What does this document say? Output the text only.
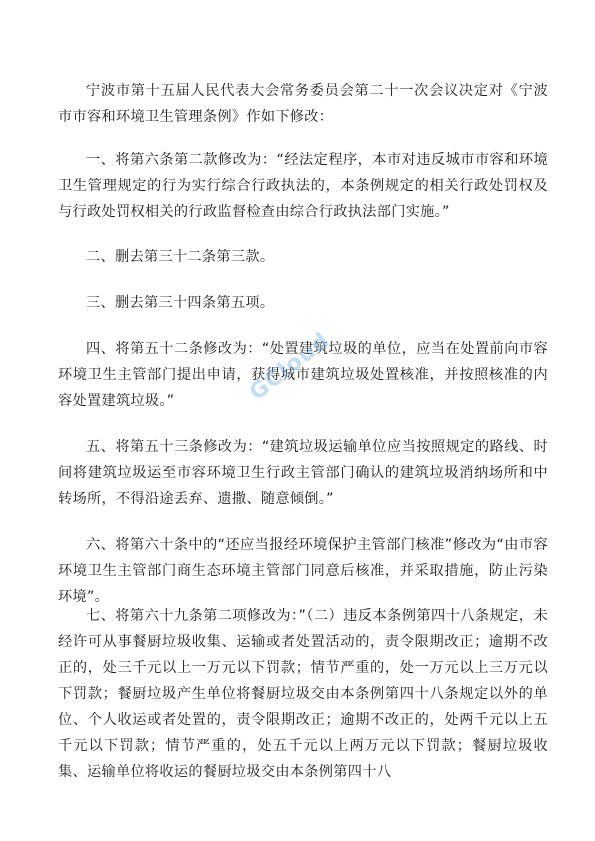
宁波市第十五届人民代表大会常务委员会第二十一次会议决定对《宁波市市容和环境卫生管理条例》作如下修改：

一、将第六条第二款修改为：“经法定程序，本市对违反城市市容和环境卫生管理规定的行为实行综合行政执法的，本条例规定的相关行政处罚权及与行政处罚权相关的行政监督检查由综合行政执法部门实施。”

二、删去第三十二条第三款。

三、删去第三十四条第五项。

四、将第五十二条修改为：“处置建筑垃圾的单位，应当在处置前向市容环境卫生主管部门提出申请，获得城市建筑垃圾处置核准，并按照核准的内容处置建筑垃圾。”

五、将第五十三条修改为：“建筑垃圾运输单位应当按照规定的路线、时间将建筑垃圾运至市容环境卫生行政主管部门确认的建筑垃圾消纳场所和中转场所，不得沿途丢弃、遗撒、随意倾倒。”

六、将第六十条中的“还应当报经环境保护主管部门核准”修改为“由市容环境卫生主管部门商生态环境主管部门同意后核准，并采取措施，防止污染环境”。

七、将第六十九条第二项修改为：”（二）违反本条例第四十八条规定，未经许可从事餐厨垃圾收集、运输或者处置活动的，责令限期改正；逾期不改正的，处三千元以上一万元以下罚款；情节严重的，处一万元以上三万元以下罚款；餐厨垃圾产生单位将餐厨垃圾交由本条例第四十八条规定以外的单位、个人收运或者处置的，责令限期改正；逾期不改正的，处两千元以上五千元以下罚款；情节严重的，处五千元以上两万元以下罚款；餐厨垃圾收集、运输单位将收运的餐厨垃圾交由本条例第四十八

GCloud
